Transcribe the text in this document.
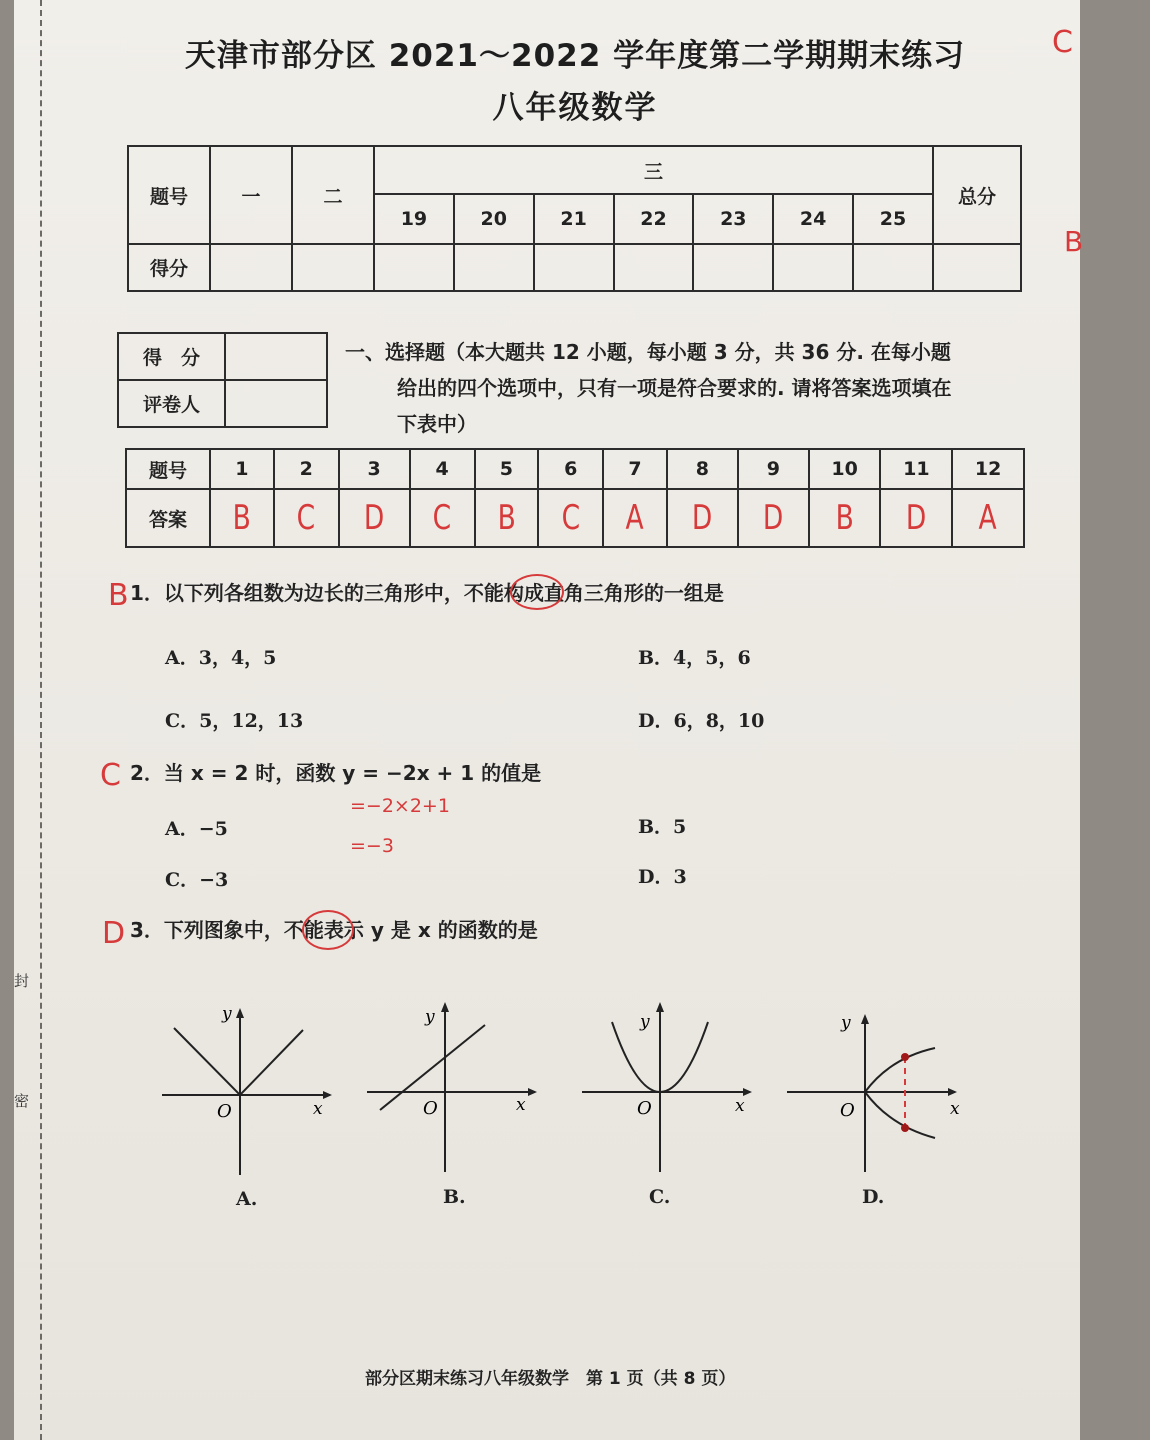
封
密
C
B
天津市部分区 2021～2022 学年度第二学期期末练习
八年级数学
题号	一	二	三							总分
			19	20	21	22	23	24	25	
得分										
得　分	
评卷人	
一、选择题（本大题共 12 小题，每小题 3 分，共 36 分. 在每小题
给出的四个选项中，只有一项是符合要求的. 请将答案选项填在
下表中）
题号	1	2	3	4	5	6	7	8	9	10	11	12
答案	B	C	D	C	B	C	A	D	D	B	D	A
B 1．以下列各组数为边长的三角形中，不能构成直角三角形的一组是
A．3，4，5	B．4，5，6
C．5，12，13	D．6，8，10
C 2．当 x = 2 时，函数 y = −2x + 1 的值是
=−2×2+1
=−3
A．−5	B．5
C．−3	D．3
D 3．下列图象中，不能表示 y 是 x 的函数的是
y
x
O
A.
y
x
O
B.
y
x
O
C.
y
x
O
D.
部分区期末练习八年级数学　第 1 页（共 8 页）
